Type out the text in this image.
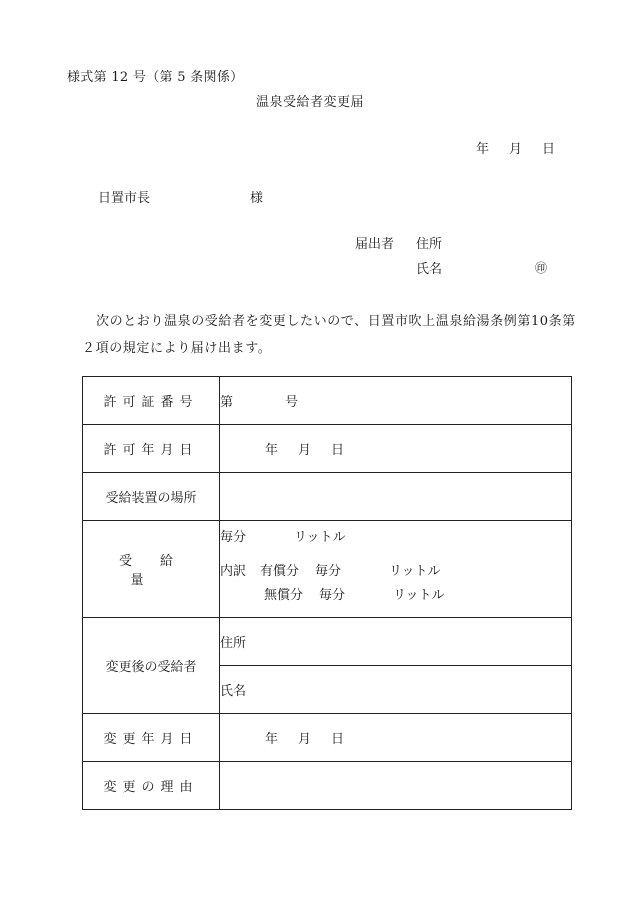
様式第 12 号（第 5 条関係）
温泉受給者変更届
年 月 日
日置市長	様
届出者 住所
氏名	㊞
次のとおり温泉の受給者を変更したいので、日置市吹上温泉給湯条例第10条第２項の規定により届け出ます。
許可証番号	第 号
許可年月日	年 月 日
受給装置の場所	
受給量	毎分 リットル
内訳 有償分 毎分 リットル
無償分 毎分 リットル

変更後の受給者	住所
	氏名
変更年月日	年 月 日
変更の理由	
